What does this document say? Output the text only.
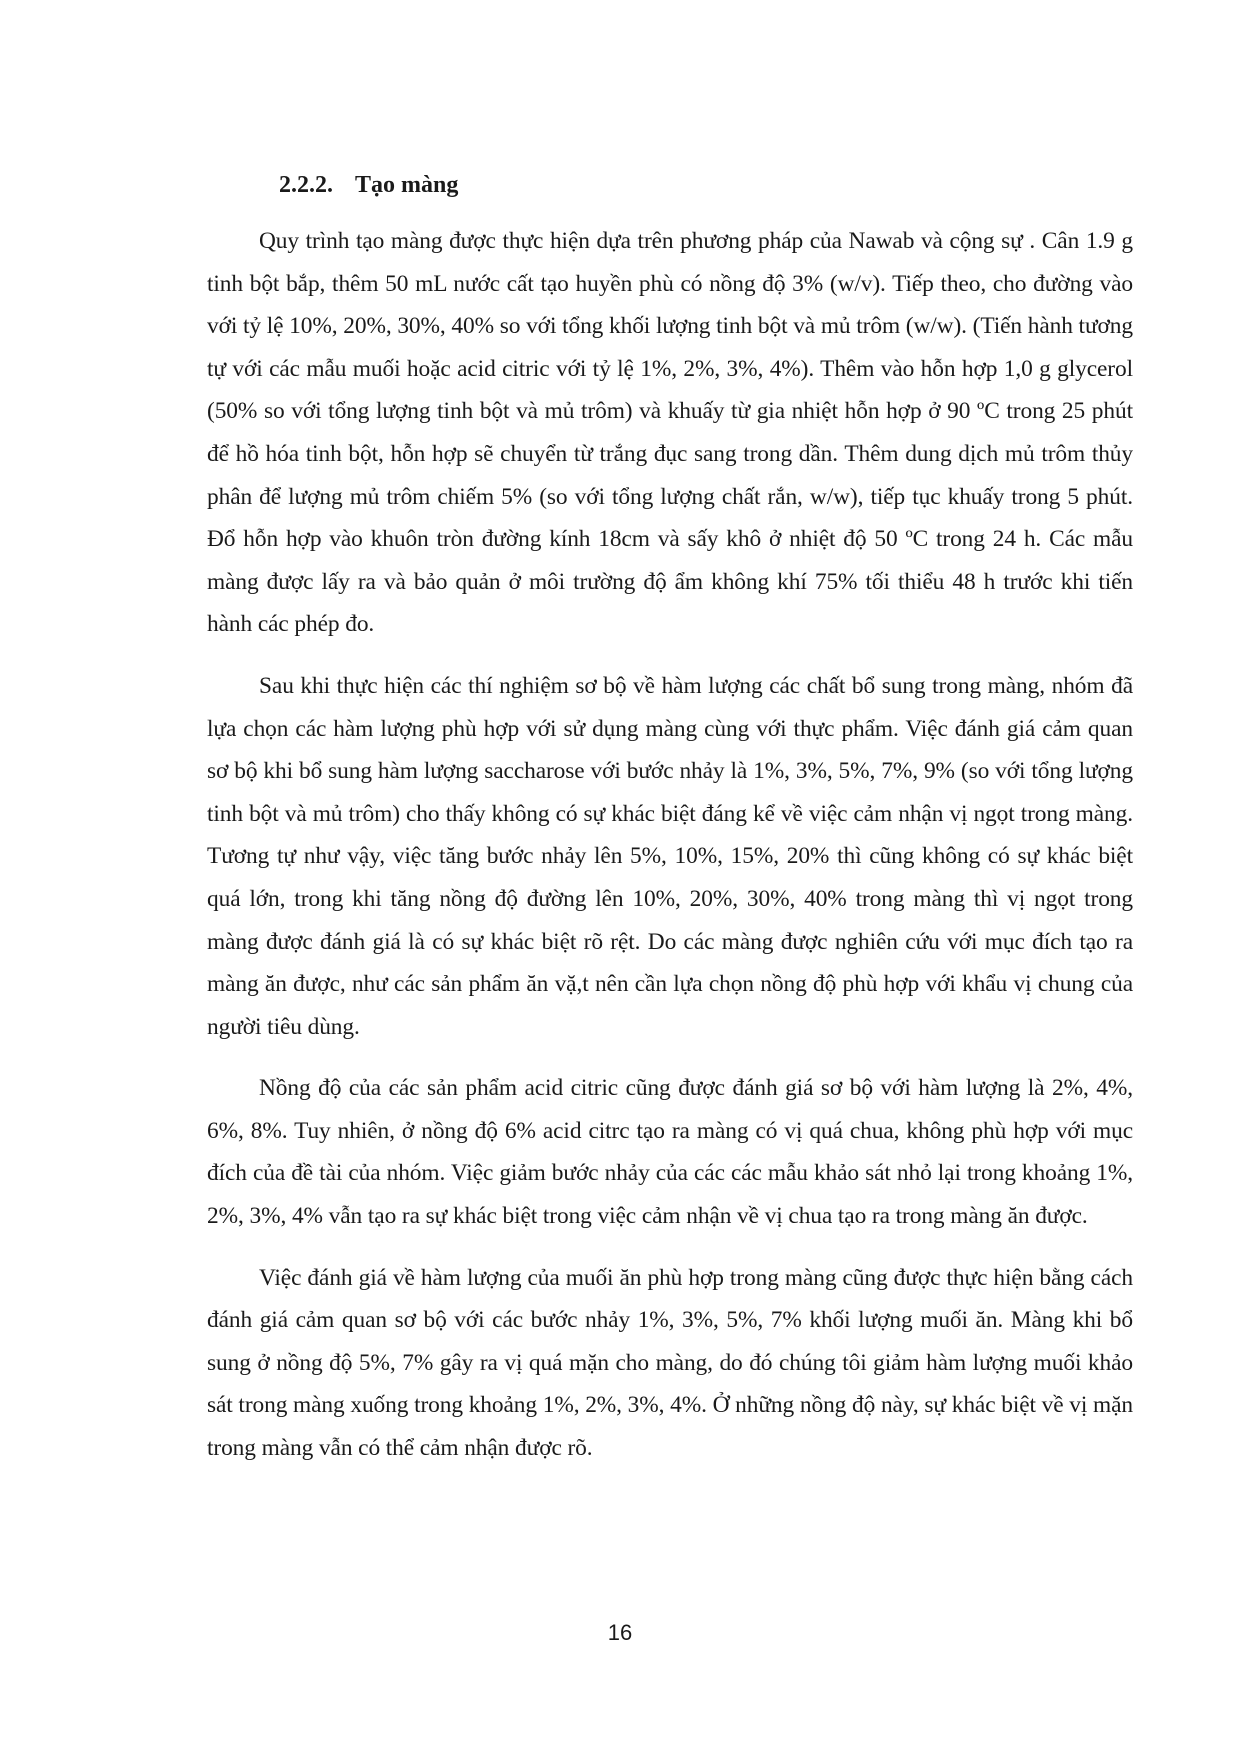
2.2.2. Tạo màng

Quy trình tạo màng được thực hiện dựa trên phương pháp của Nawab và cộng sự . Cân 1.9 g tinh bột bắp, thêm 50 mL nước cất tạo huyền phù có nồng độ 3% (w/v). Tiếp theo, cho đường vào với tỷ lệ 10%, 20%, 30%, 40% so với tổng khối lượng tinh bột và mủ trôm (w/w). (Tiến hành tương tự với các mẫu muối hoặc acid citric với tỷ lệ 1%, 2%, 3%, 4%). Thêm vào hỗn hợp 1,0 g glycerol (50% so với tổng lượng tinh bột và mủ trôm) và khuấy từ gia nhiệt hỗn hợp ở 90 ºC trong 25 phút để hồ hóa tinh bột, hỗn hợp sẽ chuyển từ trắng đục sang trong dần. Thêm dung dịch mủ trôm thủy phân để lượng mủ trôm chiếm 5% (so với tổng lượng chất rắn, w/w), tiếp tục khuấy trong 5 phút. Đổ hỗn hợp vào khuôn tròn đường kính 18cm và sấy khô ở nhiệt độ 50 ºC trong 24 h. Các mẫu màng được lấy ra và bảo quản ở môi trường độ ẩm không khí 75% tối thiểu 48 h trước khi tiến hành các phép đo.

Sau khi thực hiện các thí nghiệm sơ bộ về hàm lượng các chất bổ sung trong màng, nhóm đã lựa chọn các hàm lượng phù hợp với sử dụng màng cùng với thực phẩm. Việc đánh giá cảm quan sơ bộ khi bổ sung hàm lượng saccharose với bước nhảy là 1%, 3%, 5%, 7%, 9% (so với tổng lượng tinh bột và mủ trôm) cho thấy không có sự khác biệt đáng kể về việc cảm nhận vị ngọt trong màng. Tương tự như vậy, việc tăng bước nhảy lên 5%, 10%, 15%, 20% thì cũng không có sự khác biệt quá lớn, trong khi tăng nồng độ đường lên 10%, 20%, 30%, 40% trong màng thì vị ngọt trong màng được đánh giá là có sự khác biệt rõ rệt. Do các màng được nghiên cứu với mục đích tạo ra màng ăn được, như các sản phẩm ăn vặ,t nên cần lựa chọn nồng độ phù hợp với khẩu vị chung của người tiêu dùng.

Nồng độ của các sản phẩm acid citric cũng được đánh giá sơ bộ với hàm lượng là 2%, 4%, 6%, 8%. Tuy nhiên, ở nồng độ 6% acid citrc tạo ra màng có vị quá chua, không phù hợp với mục đích của đề tài của nhóm. Việc giảm bước nhảy của các các mẫu khảo sát nhỏ lại trong khoảng 1%, 2%, 3%, 4% vẫn tạo ra sự khác biệt trong việc cảm nhận về vị chua tạo ra trong màng ăn được.

Việc đánh giá về hàm lượng của muối ăn phù hợp trong màng cũng được thực hiện bằng cách đánh giá cảm quan sơ bộ với các bước nhảy 1%, 3%, 5%, 7% khối lượng muối ăn. Màng khi bổ sung ở nồng độ 5%, 7% gây ra vị quá mặn cho màng, do đó chúng tôi giảm hàm lượng muối khảo sát trong màng xuống trong khoảng 1%, 2%, 3%, 4%. Ở những nồng độ này, sự khác biệt về vị mặn trong màng vẫn có thể cảm nhận được rõ.

16
